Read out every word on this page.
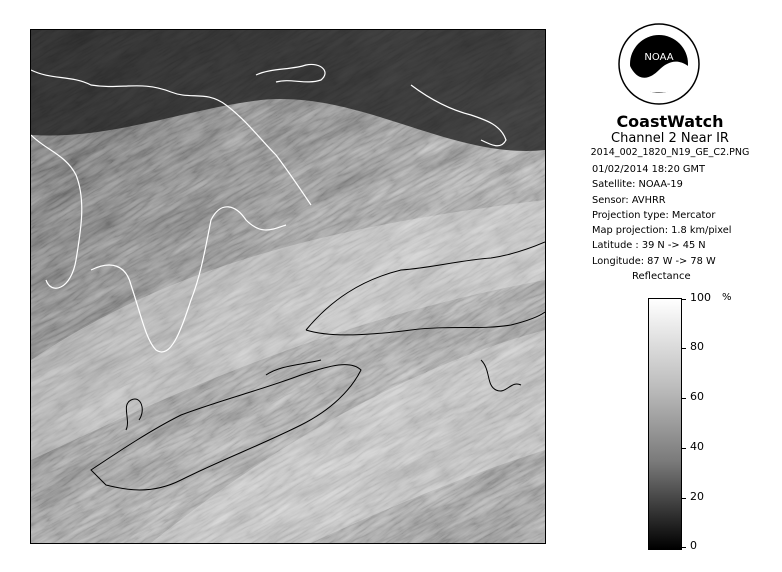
NOAA
CoastWatch
Channel 2 Near IR
2014_002_1820_N19_GE_C2.PNG
01/02/2014 18:20 GMT
Satellite: NOAA-19
Sensor: AVHRR
Projection type: Mercator
Map projection: 1.8 km/pixel
Latitude : 39 N -> 45 N
Longitude: 87 W -> 78 W
Reflectance
%
100
80
60
40
20
0
